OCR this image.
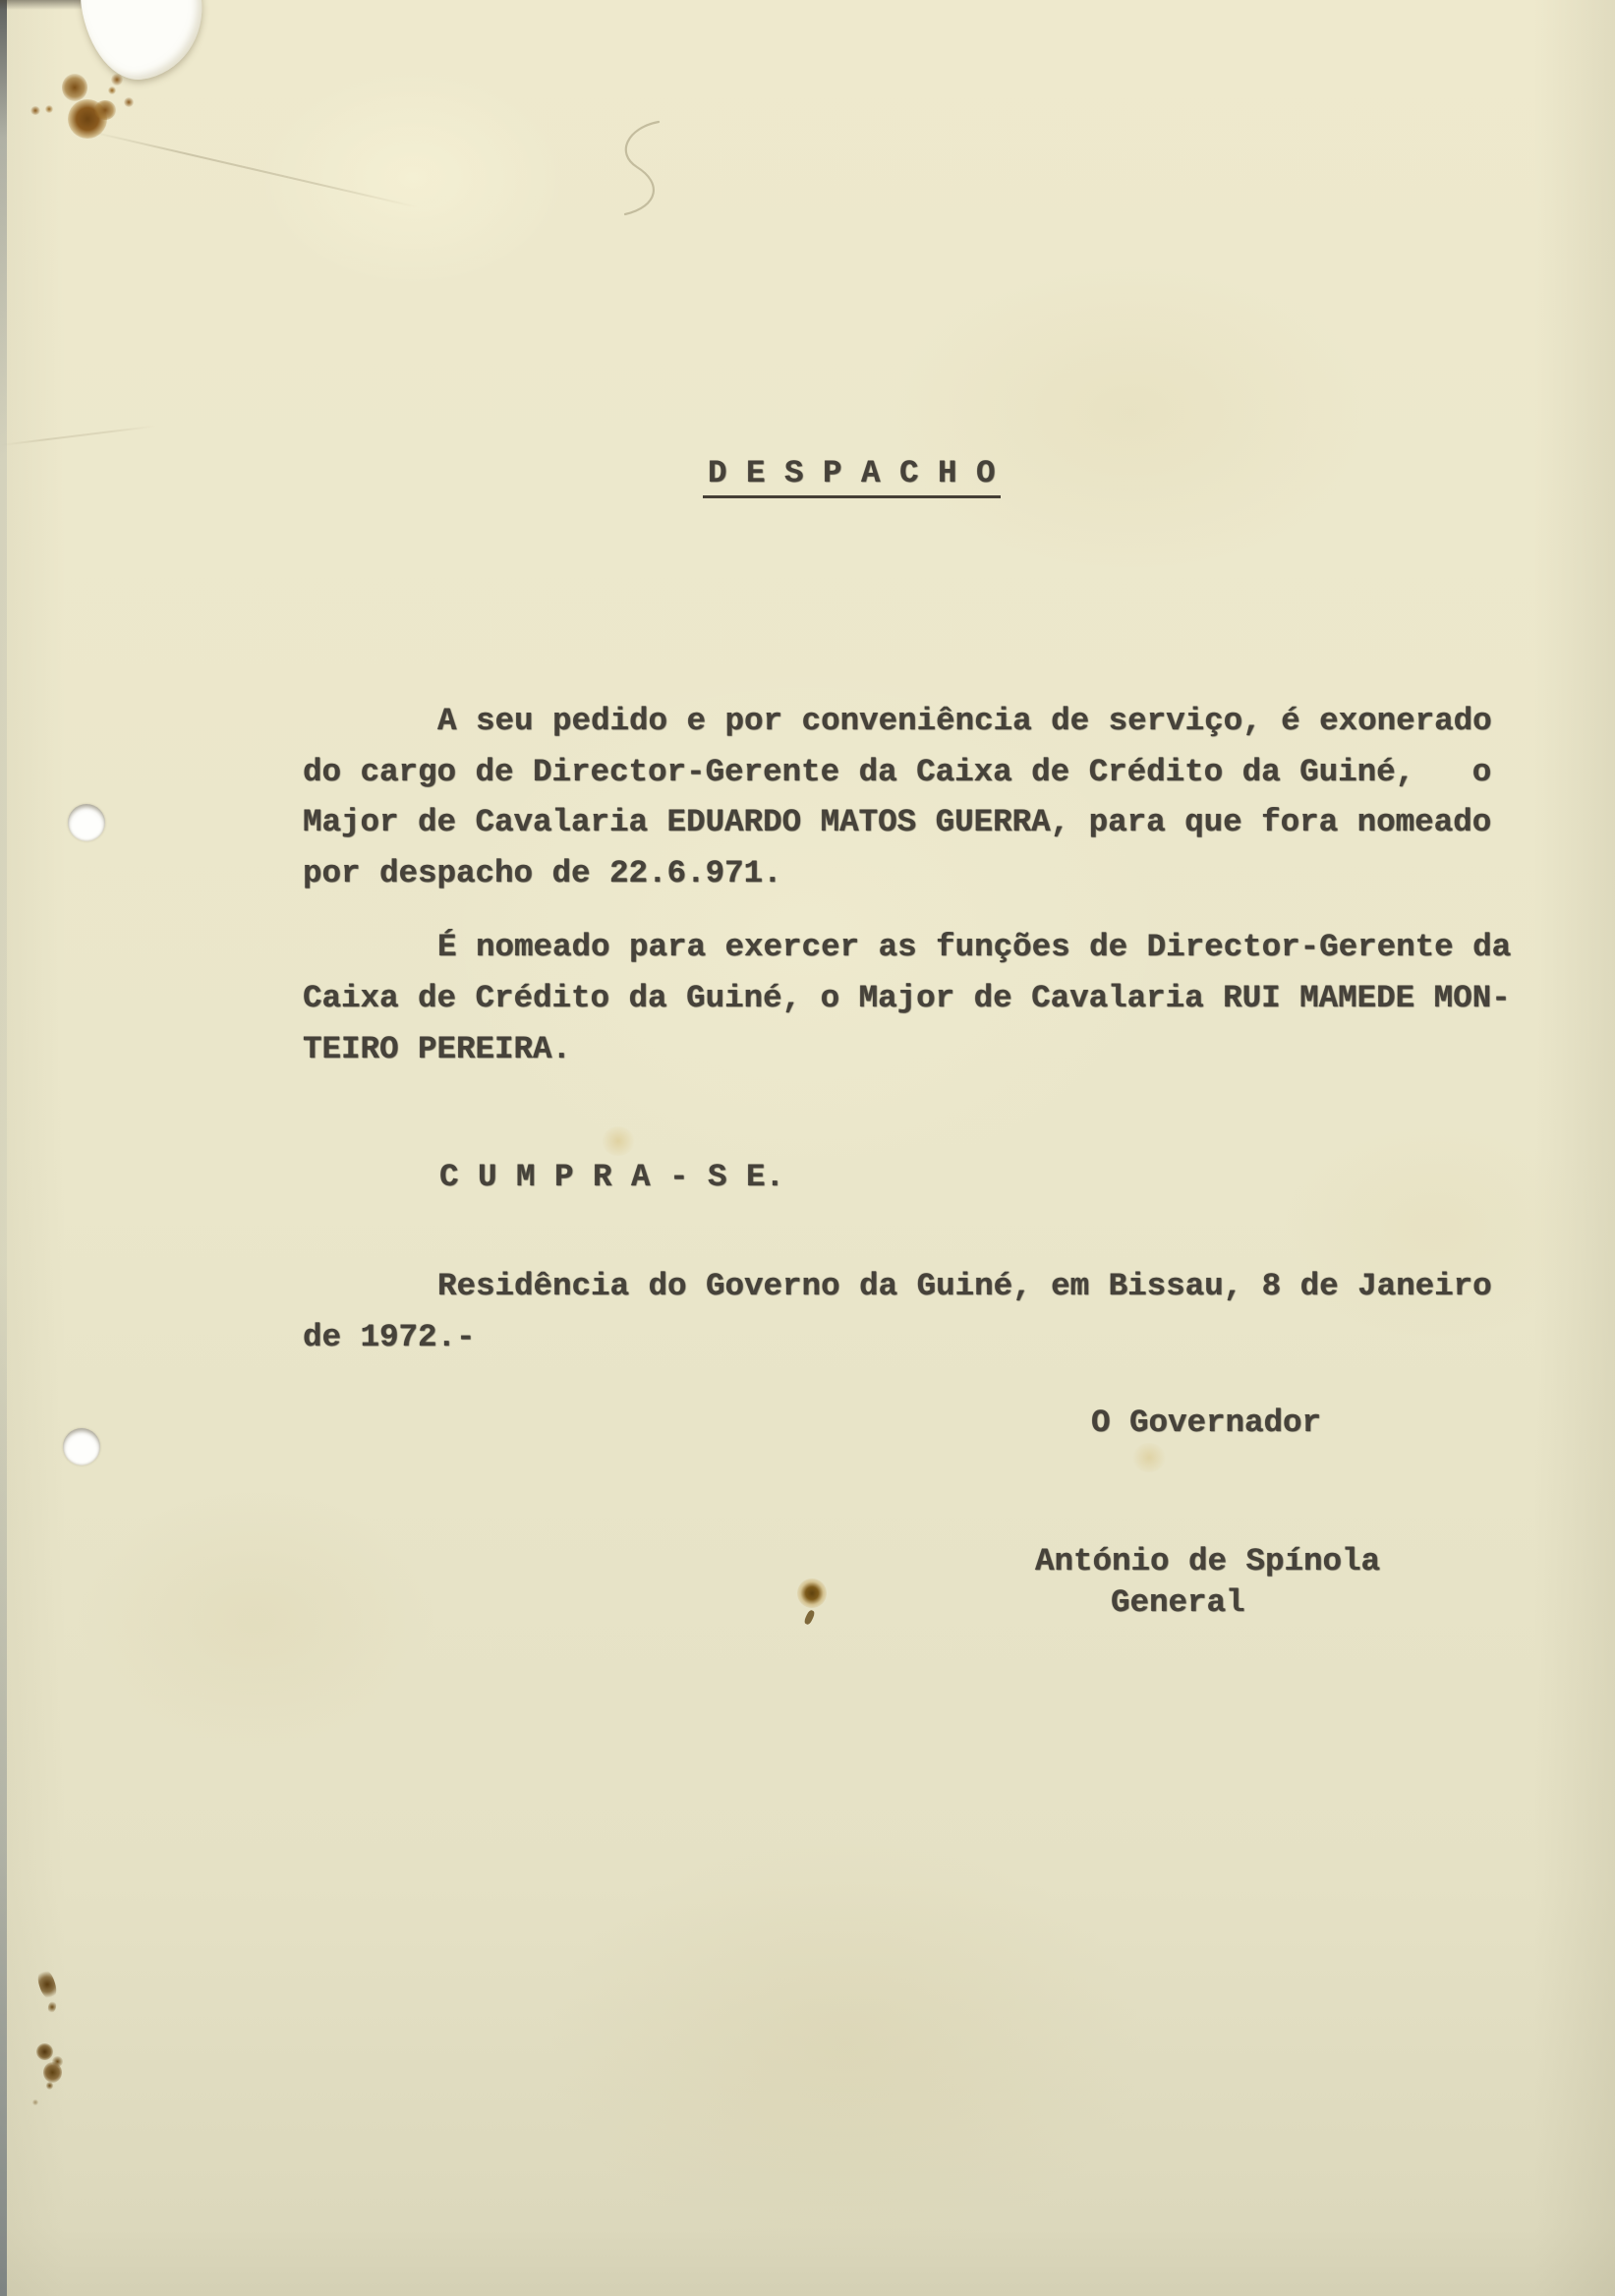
D E S P A C H O
A seu pedido e por conveniência de serviço, é exonerado
do cargo de Director-Gerente da Caixa de Crédito da Guiné,   o
Major de Cavalaria EDUARDO MATOS GUERRA, para que fora nomeado
por despacho de 22.6.971.
É nomeado para exercer as funções de Director-Gerente da
Caixa de Crédito da Guiné, o Major de Cavalaria RUI MAMEDE MON-
TEIRO PEREIRA.
C U M P R A - S E.
Residência do Governo da Guiné, em Bissau, 8 de Janeiro
de 1972.-
O Governador
António de Spínola
General
